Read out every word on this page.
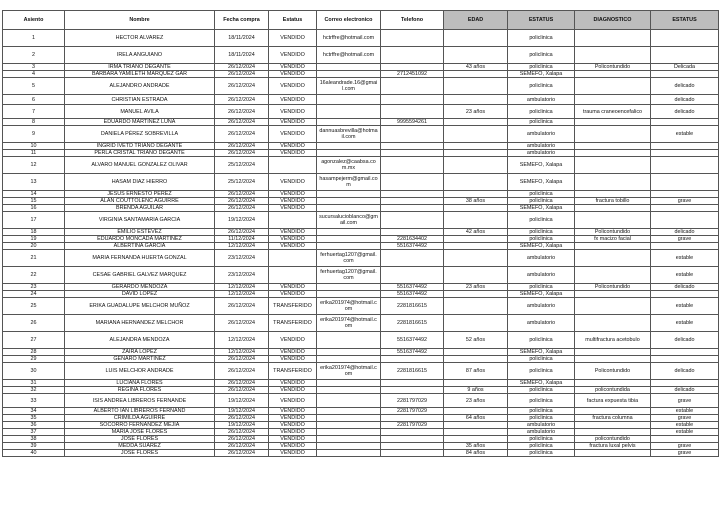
Asiento	Nombre	Fecha compra	Estatus	Correo electronico	Telefono	EDAD	ESTATUS	DIAGNOSTICO	ESTATUS
1	HECTOR ALVAREZ	18/11/2024	VENDIDO	hctrffre@hotmail.com			policlinica		
2	IRELA ANGUIANO	18/11/2024	VENDIDO	hctrffre@hotmail.com			policlinica		
3	IRMA TRIANO DEGANTE	26/12/2024	VENDIDO			43 años	policlinica	Policontundido	Delicada
4	BARBARA YAMILETH MARQUEZ GAR	26/12/2024	VENDIDO		2712451092		SEMEFO, Xalapa		
5	ALEJANDRO ANDRADE	26/12/2024	VENDIDO	16aleandrade.16@gmail.com			policlinica		delicado
6	CHRISTIAN ESTRADA	26/12/2024	VENDIDO				ambulatorio		delicado
7	MANUEL AVILA	26/12/2024	VENDIDO			23 años	policlinica	trauma craneoencefalico	delicado
8	EDUARDO MARTINEZ LUNA	26/12/2024	VENDIDO		9995594261		policlinica		
9	DANIELA PÉREZ SOBREVILLA	26/12/2024	VENDIDO	dannuasbrevilla@hotmail.com			ambulatorio		estable
10	INGRID IVETD TRIANO DEGANTE	26/12/2024	VENDIDO				ambulatorio		
11	PERLA CRISTAL TRIANO DEGANTE	26/12/2024	VENDIDO				ambulatorio		
12	ALVARO MANUEL GONZALEZ OLIVAR	25/12/2024		agonzalez@caabsa.com.mx			SEMEFO, Xalapa		
13	HASAM DIAZ HIERRO	25/12/2024	VENDIDO	hasampejerm@gmail.com			SEMEFO, Xalapa		
14	JESUS ERNESTO PEREZ	26/12/2024	VENDIDO				policlinica		
15	ALAN COUTTOLENC AGUIRRE	26/12/2024	VENDIDO			38 años	policlinica	fractura tobillo	grave
16	BRENDA AGUILAR	26/12/2024	VENDIDO				SEMEFO, Xalapa		
17	VIRGINIA SANTAMARIA GARCIA	19/12/2024		sucursalucioblanco@gmail.com			policlinica		
18	EMILIO ESTEVEZ	26/12/2024	VENDIDO			42 años	policlinica	Policontundido	delicado
19	EDUARDO MONCADA MARTINEZ	11/12/2024	VENDIDO		2281634402		policlinica	fx macizo facial	grave
20	ALBERTINA GARCIA	12/12/2024	VENDIDO		5516374492		SEMEFO, Xalapa		
21	MARIA FERNANDA HUERTA GONZAL	23/12/2024		ferhuertag1207@gmail.com			ambulatorio		estable
22	CESAE GABRIEL GALVEZ MARQUEZ	23/12/2024		ferhuertag1207@gmail.com			ambulatorio		estable
23	GERARDO MENDOZA	12/12/2024	VENDIDO		5516374492	23 años	policlinica	Policontundido	delicado
24	DAVID LOPEZ	12/12/2024	VENDIDO		5516374492		SEMEFO, Xalapa		
25	ERIKA GUADALUPE MELCHOR MUÑOZ	26/12/2024	TRANSFERIDO	erika201974@hotmail.com	2281816615		ambulatorio		estable
26	MARIANA HERNANDEZ MELCHOR	26/12/2024	TRANSFERIDO	erika201974@hotmail.com	2281816615		ambulatorio		estable
27	ALEJANDRA MENDOZA	12/12/2024	VENDIDO		5516374492	52 años	policlinica	multifractura acetobulo	delicado
28	ZAIRA LOPEZ	12/12/2024	VENDIDO		5516374492		SEMEFO, Xalapa		
29	GENARO MARTINEZ	26/12/2024	VENDIDO				policlinica		
30	LUIS MELCHOR ANDRADE	26/12/2024	TRANSFERIDO	erika201974@hotmail.com	2281816615	87 años	policlinica	Policontundido	delicado
31	LUCIANA FLORES	26/12/2024	VENDIDO				SEMEFO, Xalapa		
32	REGINA FLORES	26/12/2024	VENDIDO			9 años	policlinica	policontundida	delicado
33	ISIS ANDREA LIBREROS FERNANDE	19/12/2024	VENDIDO		2281797029	23 años	policlinica	factura expuesta tibia	grave
34	ALBERTO IAN LIBREROS FERNAND	19/12/2024	VENDIDO		2281797029		policlinica		estable
35	CRIMILDA AGUIRRE	26/12/2024	VENDIDO			64 años	policlinica	fractura columna	grave
36	SOCORRO FERNANDEZ MEJIA	19/12/2024	VENDIDO		2281797029		ambulatorio		estable
37	MARIA JOSE FLORES	26/12/2024	VENDIDO				ambulatorio		estable
38	JOSE FLORES	26/12/2024	VENDIDO				policlinica	policontundido	
39	MEDDA SUAREZ	26/12/2024	VENDIDO			35 años	policlinica	fractura luxal pelvis	grave
40	JOSE FLORES	26/12/2024	VENDIDO			84 años	policlinica		grave
